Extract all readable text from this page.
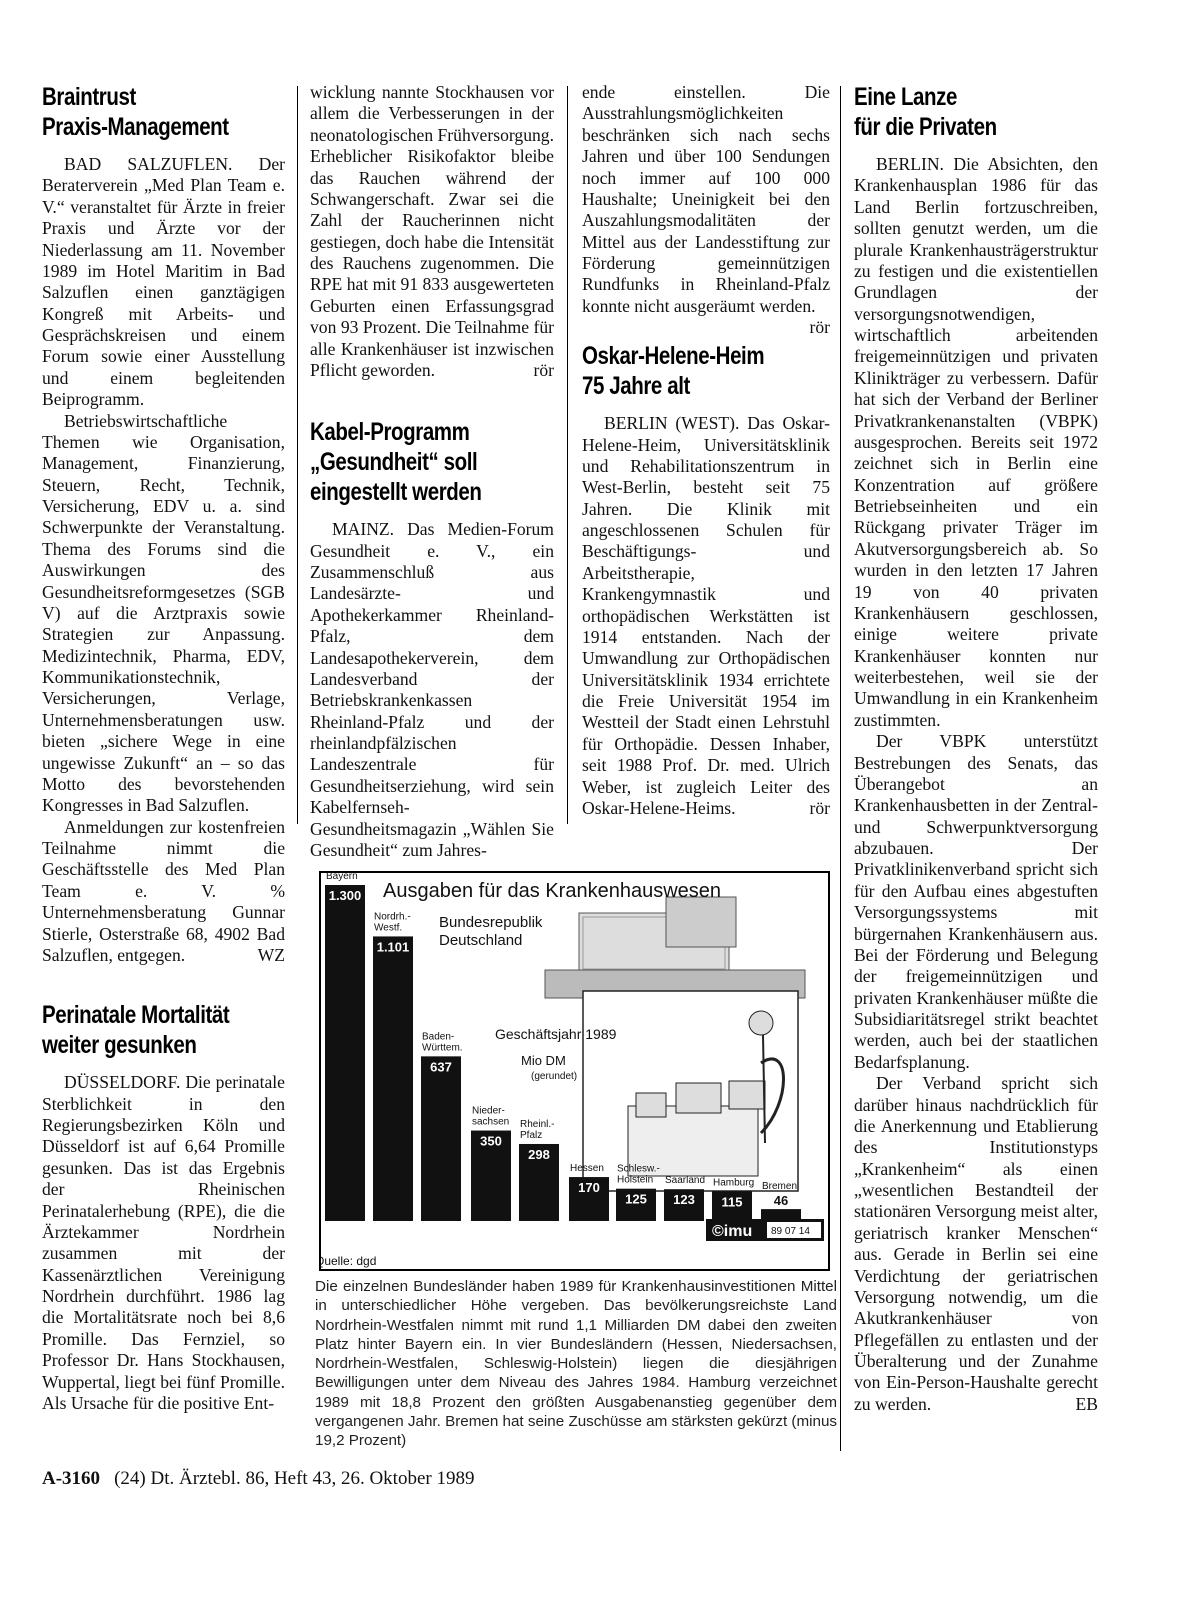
Braintrust
Praxis-Management

BAD SALZUFLEN. Der Beraterverein „Med Plan Team e. V.“ veranstaltet für Ärzte in freier Praxis und Ärzte vor der Niederlassung am 11. November 1989 im Hotel Maritim in Bad Salzuflen einen ganztägigen Kongreß mit Arbeits- und Gesprächskreisen und einem Forum sowie einer Ausstellung und einem begleitenden Beiprogramm.

Betriebswirtschaftliche Themen wie Organisation, Management, Finanzierung, Steuern, Recht, Technik, Versicherung, EDV u. a. sind Schwerpunkte der Veranstaltung. Thema des Forums sind die Auswirkungen des Gesundheitsreformgesetzes (SGB V) auf die Arztpraxis sowie Strategien zur Anpassung. Medizintechnik, Pharma, EDV, Kommunikationstechnik, Versicherungen, Verlage, Unternehmensberatungen usw. bieten „sichere Wege in eine ungewisse Zukunft“ an – so das Motto des bevorstehenden Kongresses in Bad Salzuflen.

Anmeldungen zur kostenfreien Teilnahme nimmt die Geschäftsstelle des Med Plan Team e. V. % Unternehmensberatung Gunnar Stierle, Osterstraße 68, 4902 Bad Salzuflen, entgegen.	WZ

Perinatale Mortalität
weiter gesunken

DÜSSELDORF. Die perinatale Sterblichkeit in den Regierungsbezirken Köln und Düsseldorf ist auf 6,64 Promille gesunken. Das ist das Ergebnis der Rheinischen Perinatalerhebung (RPE), die die Ärztekammer Nordrhein zusammen mit der Kassenärztlichen Vereinigung Nordrhein durchführt. 1986 lag die Mortalitätsrate noch bei 8,6 Promille. Das Fernziel, so Professor Dr. Hans Stockhausen, Wuppertal, liegt bei fünf Promille. Als Ursache für die positive Ent-

wicklung nannte Stockhausen vor allem die Verbesserungen in der neonatologischen Frühversorgung. Erheblicher Risikofaktor bleibe das Rauchen während der Schwangerschaft. Zwar sei die Zahl der Raucherinnen nicht gestiegen, doch habe die Intensität des Rauchens zugenommen. Die RPE hat mit 91 833 ausgewerteten Geburten einen Erfassungsgrad von 93 Prozent. Die Teilnahme für alle Krankenhäuser ist inzwischen Pflicht geworden.	rör

Kabel-Programm
„Gesundheit“ soll
eingestellt werden

MAINZ. Das Medien-Forum Gesundheit e. V., ein Zusammenschluß aus Landesärzte- und Apothekerkammer Rheinland-Pfalz, dem Landesapothekerverein, dem Landesverband der Betriebskrankenkassen Rheinland-Pfalz und der rheinlandpfälzischen Landeszentrale für Gesundheitserziehung, wird sein Kabelfernseh-Gesundheitsmagazin „Wählen Sie Gesundheit“ zum Jahres-

ende einstellen. Die Ausstrahlungsmöglichkeiten beschränken sich nach sechs Jahren und über 100 Sendungen noch immer auf 100 000 Haushalte; Uneinigkeit bei den Auszahlungsmodalitäten der Mittel aus der Landesstiftung zur Förderung gemeinnützigen Rundfunks in Rheinland-Pfalz konnte nicht ausgeräumt werden.
rör

Oskar-Helene-Heim
75 Jahre alt

BERLIN (WEST). Das Oskar-Helene-Heim, Universitätsklinik und Rehabilitationszentrum in West-Berlin, besteht seit 75 Jahren. Die Klinik mit angeschlossenen Schulen für Beschäftigungs- und Arbeitstherapie, Krankengymnastik und orthopädischen Werkstätten ist 1914 entstanden. Nach der Umwandlung zur Orthopädischen Universitätsklinik 1934 errichtete die Freie Universität 1954 im Westteil der Stadt einen Lehrstuhl für Orthopädie. Dessen Inhaber, seit 1988 Prof. Dr. med. Ulrich Weber, ist zugleich Leiter des Oskar-Helene-Heims.	rör

Eine Lanze
für die Privaten

BERLIN. Die Absichten, den Krankenhausplan 1986 für das Land Berlin fortzuschreiben, sollten genutzt werden, um die plurale Krankenhausträgerstruktur zu festigen und die existentiellen Grundlagen der versorgungsnotwendigen, wirtschaftlich arbeitenden freigemeinnützigen und privaten Klinikträger zu verbessern. Dafür hat sich der Verband der Berliner Privatkrankenanstalten (VBPK) ausgesprochen. Bereits seit 1972 zeichnet sich in Berlin eine Konzentration auf größere Betriebseinheiten und ein Rückgang privater Träger im Akutversorgungsbereich ab. So wurden in den letzten 17 Jahren 19 von 40 privaten Krankenhäusern geschlossen, einige weitere private Krankenhäuser konnten nur weiterbestehen, weil sie der Umwandlung in ein Krankenheim zustimmten.

Der VBPK unterstützt Bestrebungen des Senats, das Überangebot an Krankenhausbetten in der Zentral- und Schwerpunktversorgung abzubauen. Der Privatklinikenverband spricht sich für den Aufbau eines abgestuften Versorgungssystems mit bürgernahen Krankenhäusern aus. Bei der Förderung und Belegung der freigemeinnützigen und privaten Krankenhäuser müßte die Subsidiaritätsregel strikt beachtet werden, auch bei der staatlichen Bedarfsplanung.

Der Verband spricht sich darüber hinaus nachdrücklich für die Anerkennung und Etablierung des Institutionstyps „Krankenheim“ als einen „wesentlichen Bestandteil der stationären Versorgung meist alter, geriatrisch kranker Menschen“ aus. Gerade in Berlin sei eine Verdichtung der geriatrischen Versorgung notwendig, um die Akutkrankenhäuser von Pflegefällen zu entlasten und der Überalterung und der Zunahme von Ein-Person-Haushalte gerecht zu werden.	EB

1.300
Bayern
1.101
Nordrh.-
Westf.
637
Baden-
Württem.
350
Nieder-
sachsen
298
Rheinl.-
Pfalz
170
Hessen
125
Schlesw.-
Holstein
123
Saarland
115
Hamburg
46
Bremen
Ausgaben für das Krankenhauswesen
Bundesrepublik
Deutschland
Geschäftsjahr 1989
Mio DM
(gerundet)
Quelle: dgd
©imu 89 07 14

Die einzelnen Bundesländer haben 1989 für Krankenhausinvestitionen Mittel in unterschiedlicher Höhe vergeben. Das bevölkerungsreichste Land Nordrhein-Westfalen nimmt mit rund 1,1 Milliarden DM dabei den zweiten Platz hinter Bayern ein. In vier Bundesländern (Hessen, Niedersachsen, Nordrhein-Westfalen, Schleswig-Holstein) liegen die diesjährigen Bewilligungen unter dem Niveau des Jahres 1984. Hamburg verzeichnet 1989 mit 18,8 Prozent den größten Ausgabenanstieg gegenüber dem vergangenen Jahr. Bremen hat seine Zuschüsse am stärksten gekürzt (minus 19,2 Prozent)

A-3160 (24) Dt. Ärztebl. 86, Heft 43, 26. Oktober 1989
